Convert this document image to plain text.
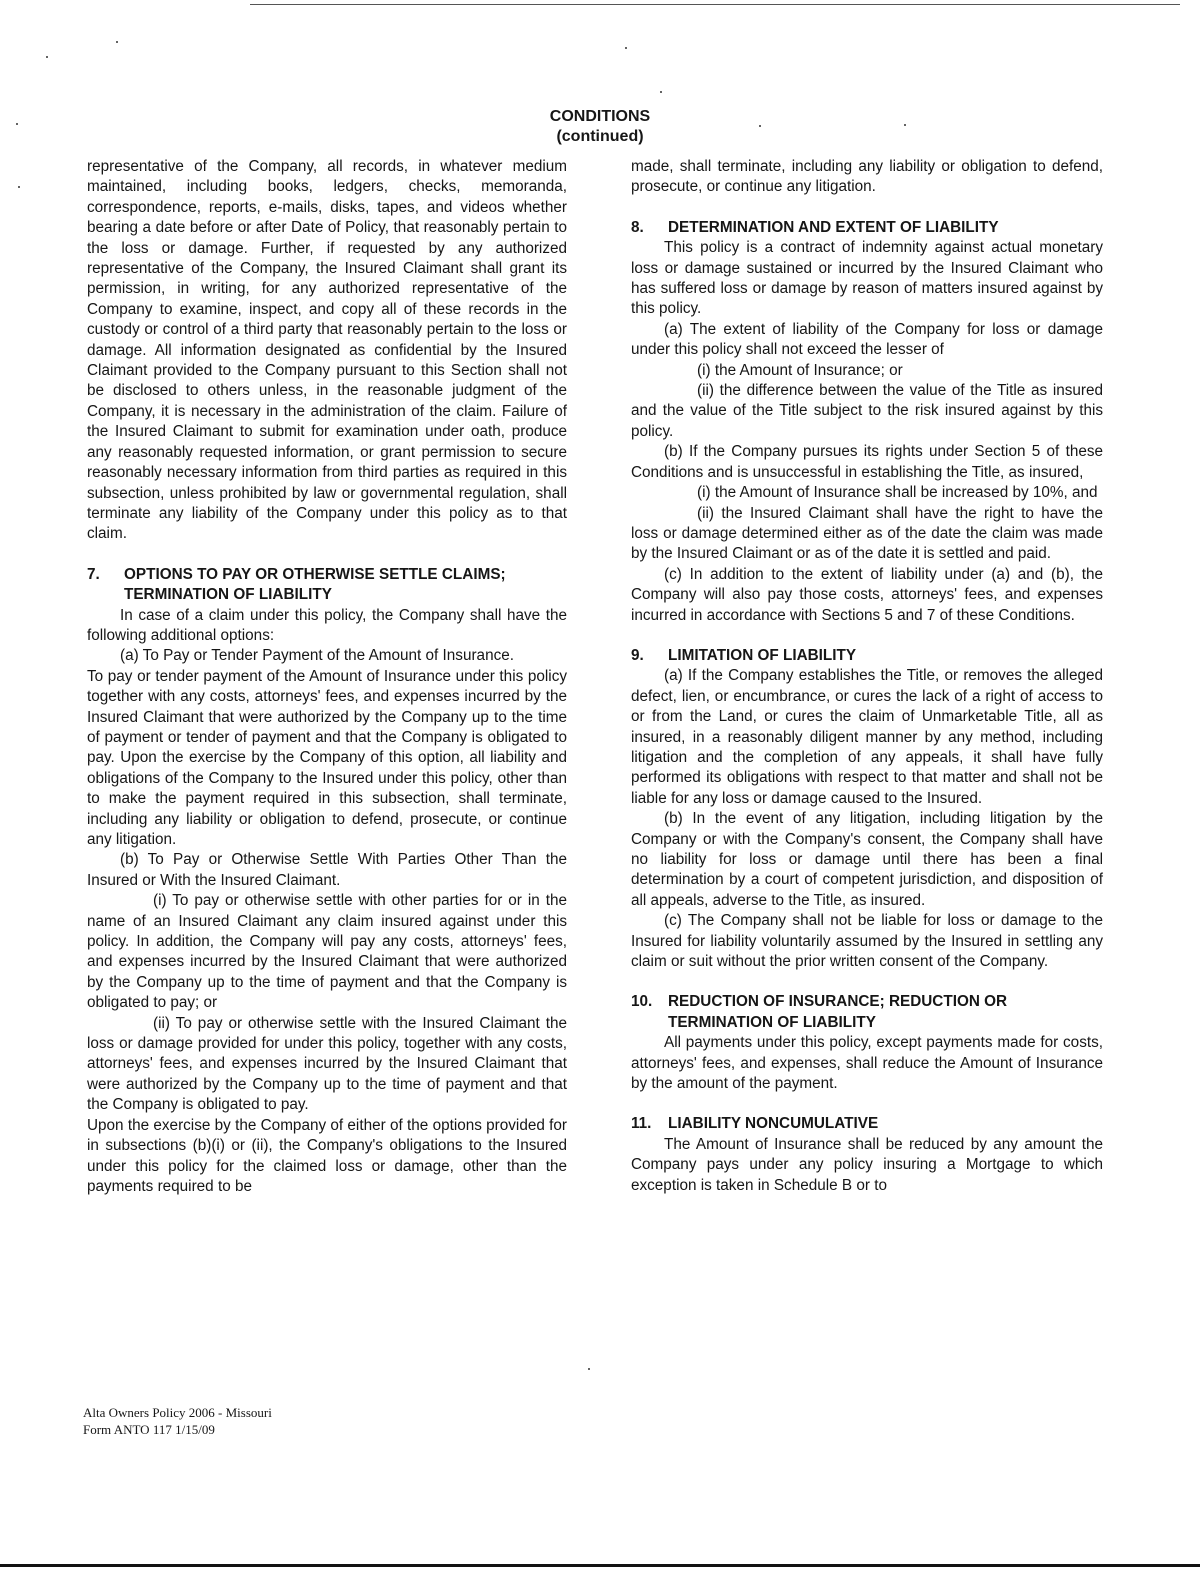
CONDITIONS
(continued)

representative of the Company, all records, in whatever medium maintained, including books, ledgers, checks, memoranda, correspondence, reports, e-mails, disks, tapes, and videos whether bearing a date before or after Date of Policy, that reasonably pertain to the loss or damage. Further, if requested by any authorized representative of the Company, the Insured Claimant shall grant its permission, in writing, for any authorized representative of the Company to examine, inspect, and copy all of these records in the custody or control of a third party that reasonably pertain to the loss or damage. All information designated as confidential by the Insured Claimant provided to the Company pursuant to this Section shall not be disclosed to others unless, in the reasonable judgment of the Company, it is necessary in the administration of the claim. Failure of the Insured Claimant to submit for examination under oath, produce any reasonably requested information, or grant permission to secure reasonably necessary information from third parties as required in this subsection, unless prohibited by law or governmental regulation, shall terminate any liability of the Company under this policy as to that claim.

7. OPTIONS TO PAY OR OTHERWISE SETTLE CLAIMS; TERMINATION OF LIABILITY

In case of a claim under this policy, the Company shall have the following additional options:

(a) To Pay or Tender Payment of the Amount of Insurance.

To pay or tender payment of the Amount of Insurance under this policy together with any costs, attorneys' fees, and expenses incurred by the Insured Claimant that were authorized by the Company up to the time of payment or tender of payment and that the Company is obligated to pay. Upon the exercise by the Company of this option, all liability and obligations of the Company to the Insured under this policy, other than to make the payment required in this subsection, shall terminate, including any liability or obligation to defend, prosecute, or continue any litigation.

(b) To Pay or Otherwise Settle With Parties Other Than the Insured or With the Insured Claimant.

(i) To pay or otherwise settle with other parties for or in the name of an Insured Claimant any claim insured against under this policy. In addition, the Company will pay any costs, attorneys' fees, and expenses incurred by the Insured Claimant that were authorized by the Company up to the time of payment and that the Company is obligated to pay; or

(ii) To pay or otherwise settle with the Insured Claimant the loss or damage provided for under this policy, together with any costs, attorneys' fees, and expenses incurred by the Insured Claimant that were authorized by the Company up to the time of payment and that the Company is obligated to pay.

Upon the exercise by the Company of either of the options provided for in subsections (b)(i) or (ii), the Company's obligations to the Insured under this policy for the claimed loss or damage, other than the payments required to be

made, shall terminate, including any liability or obligation to defend, prosecute, or continue any litigation.

8. DETERMINATION AND EXTENT OF LIABILITY

This policy is a contract of indemnity against actual monetary loss or damage sustained or incurred by the Insured Claimant who has suffered loss or damage by reason of matters insured against by this policy.

(a) The extent of liability of the Company for loss or damage under this policy shall not exceed the lesser of

(i) the Amount of Insurance; or

(ii) the difference between the value of the Title as insured and the value of the Title subject to the risk insured against by this policy.

(b) If the Company pursues its rights under Section 5 of these Conditions and is unsuccessful in establishing the Title, as insured,

(i) the Amount of Insurance shall be increased by 10%, and

(ii) the Insured Claimant shall have the right to have the loss or damage determined either as of the date the claim was made by the Insured Claimant or as of the date it is settled and paid.

(c) In addition to the extent of liability under (a) and (b), the Company will also pay those costs, attorneys' fees, and expenses incurred in accordance with Sections 5 and 7 of these Conditions.

9. LIMITATION OF LIABILITY

(a) If the Company establishes the Title, or removes the alleged defect, lien, or encumbrance, or cures the lack of a right of access to or from the Land, or cures the claim of Unmarketable Title, all as insured, in a reasonably diligent manner by any method, including litigation and the completion of any appeals, it shall have fully performed its obligations with respect to that matter and shall not be liable for any loss or damage caused to the Insured.

(b) In the event of any litigation, including litigation by the Company or with the Company's consent, the Company shall have no liability for loss or damage until there has been a final determination by a court of competent jurisdiction, and disposition of all appeals, adverse to the Title, as insured.

(c) The Company shall not be liable for loss or damage to the Insured for liability voluntarily assumed by the Insured in settling any claim or suit without the prior written consent of the Company.

10. REDUCTION OF INSURANCE; REDUCTION OR TERMINATION OF LIABILITY

All payments under this policy, except payments made for costs, attorneys' fees, and expenses, shall reduce the Amount of Insurance by the amount of the payment.

11. LIABILITY NONCUMULATIVE

The Amount of Insurance shall be reduced by any amount the Company pays under any policy insuring a Mortgage to which exception is taken in Schedule B or to

Alta Owners Policy 2006 - Missouri
Form ANTO 117 1/15/09
